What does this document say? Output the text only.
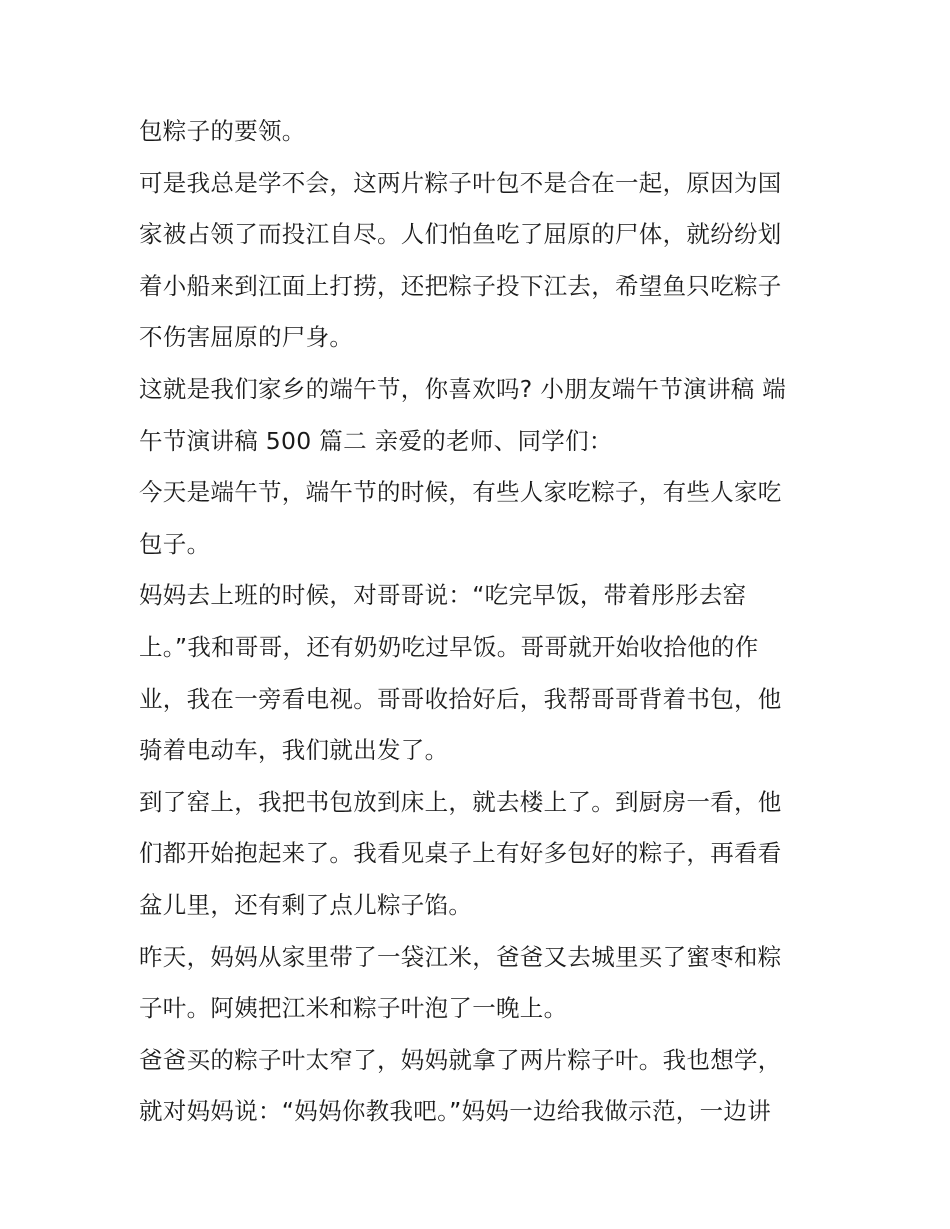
包粽子的要领。
可是我总是学不会，这两片粽子叶包不是合在一起，原因为国
家被占领了而投江自尽。人们怕鱼吃了屈原的尸体，就纷纷划
着小船来到江面上打捞，还把粽子投下江去，希望鱼只吃粽子
不伤害屈原的尸身。
这就是我们家乡的端午节，你喜欢吗? 小朋友端午节演讲稿 端
午节演讲稿 500 篇二 亲爱的老师、同学们：
今天是端午节，端午节的时候，有些人家吃粽子，有些人家吃
包子。
妈妈去上班的时候，对哥哥说：“吃完早饭，带着彤彤去窑
上。”我和哥哥，还有奶奶吃过早饭。哥哥就开始收拾他的作
业，我在一旁看电视。哥哥收拾好后，我帮哥哥背着书包，他
骑着电动车，我们就出发了。
到了窑上，我把书包放到床上，就去楼上了。到厨房一看，他
们都开始抱起来了。我看见桌子上有好多包好的粽子，再看看
盆儿里，还有剩了点儿粽子馅。
昨天，妈妈从家里带了一袋江米，爸爸又去城里买了蜜枣和粽
子叶。阿姨把江米和粽子叶泡了一晚上。
爸爸买的粽子叶太窄了，妈妈就拿了两片粽子叶。我也想学，
就对妈妈说：“妈妈你教我吧。”妈妈一边给我做示范，一边讲
